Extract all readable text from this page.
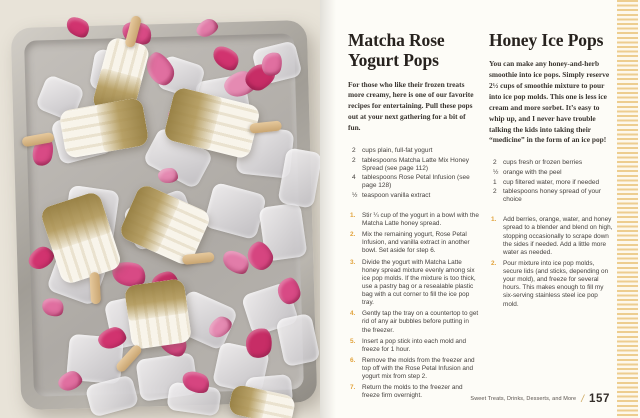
Matcha Rose Yogurt Pops

For those who like their frozen treats more creamy, here is one of our favorite recipes for entertaining. Pull these pops out at your next gathering for a bit of fun.

2 cups plain, full-fat yogurt
2 tablespoons Matcha Latte Mix Honey Spread (see page 112)
4 tablespoons Rose Petal Infusion (see page 128)
½ teaspoon vanilla extract
1.	Stir ¼ cup of the yogurt in a bowl with the Matcha Latte honey spread.
2.	Mix the remaining yogurt, Rose Petal Infusion, and vanilla extract in another bowl. Set aside for step 6.
3.	Divide the yogurt with Matcha Latte honey spread mixture evenly among six ice pop molds. If the mixture is too thick, use a pastry bag or a resealable plastic bag with a cut corner to fill the ice pop tray.
4.	Gently tap the tray on a countertop to get rid of any air bubbles before putting in the freezer.
5.	Insert a pop stick into each mold and freeze for 1 hour.
6.	Remove the molds from the freezer and top off with the Rose Petal Infusion and yogurt mix from step 2.
7.	Return the molds to the freezer and freeze firm overnight.
Honey Ice Pops

You can make any honey-and-herb smoothie into ice pops. Simply reserve 2½ cups of smoothie mixture to pour into ice pop molds. This one is less ice cream and more sorbet. It’s easy to whip up, and I never have trouble talking the kids into taking their “medicine” in the form of an ice pop!

2 cups fresh or frozen berries
½ orange with the peel
1 cup filtered water, more if needed
2 tablespoons honey spread of your choice
1.	Add berries, orange, water, and honey spread to a blender and blend on high, stopping occasionally to scrape down the sides if needed. Add a little more water as needed.
2.	Pour mixture into ice pop molds, secure lids (and sticks, depending on your mold), and freeze for several hours. This makes enough to fill my six-serving stainless steel ice pop mold.
Sweet Treats, Drinks, Desserts, and More / 157
